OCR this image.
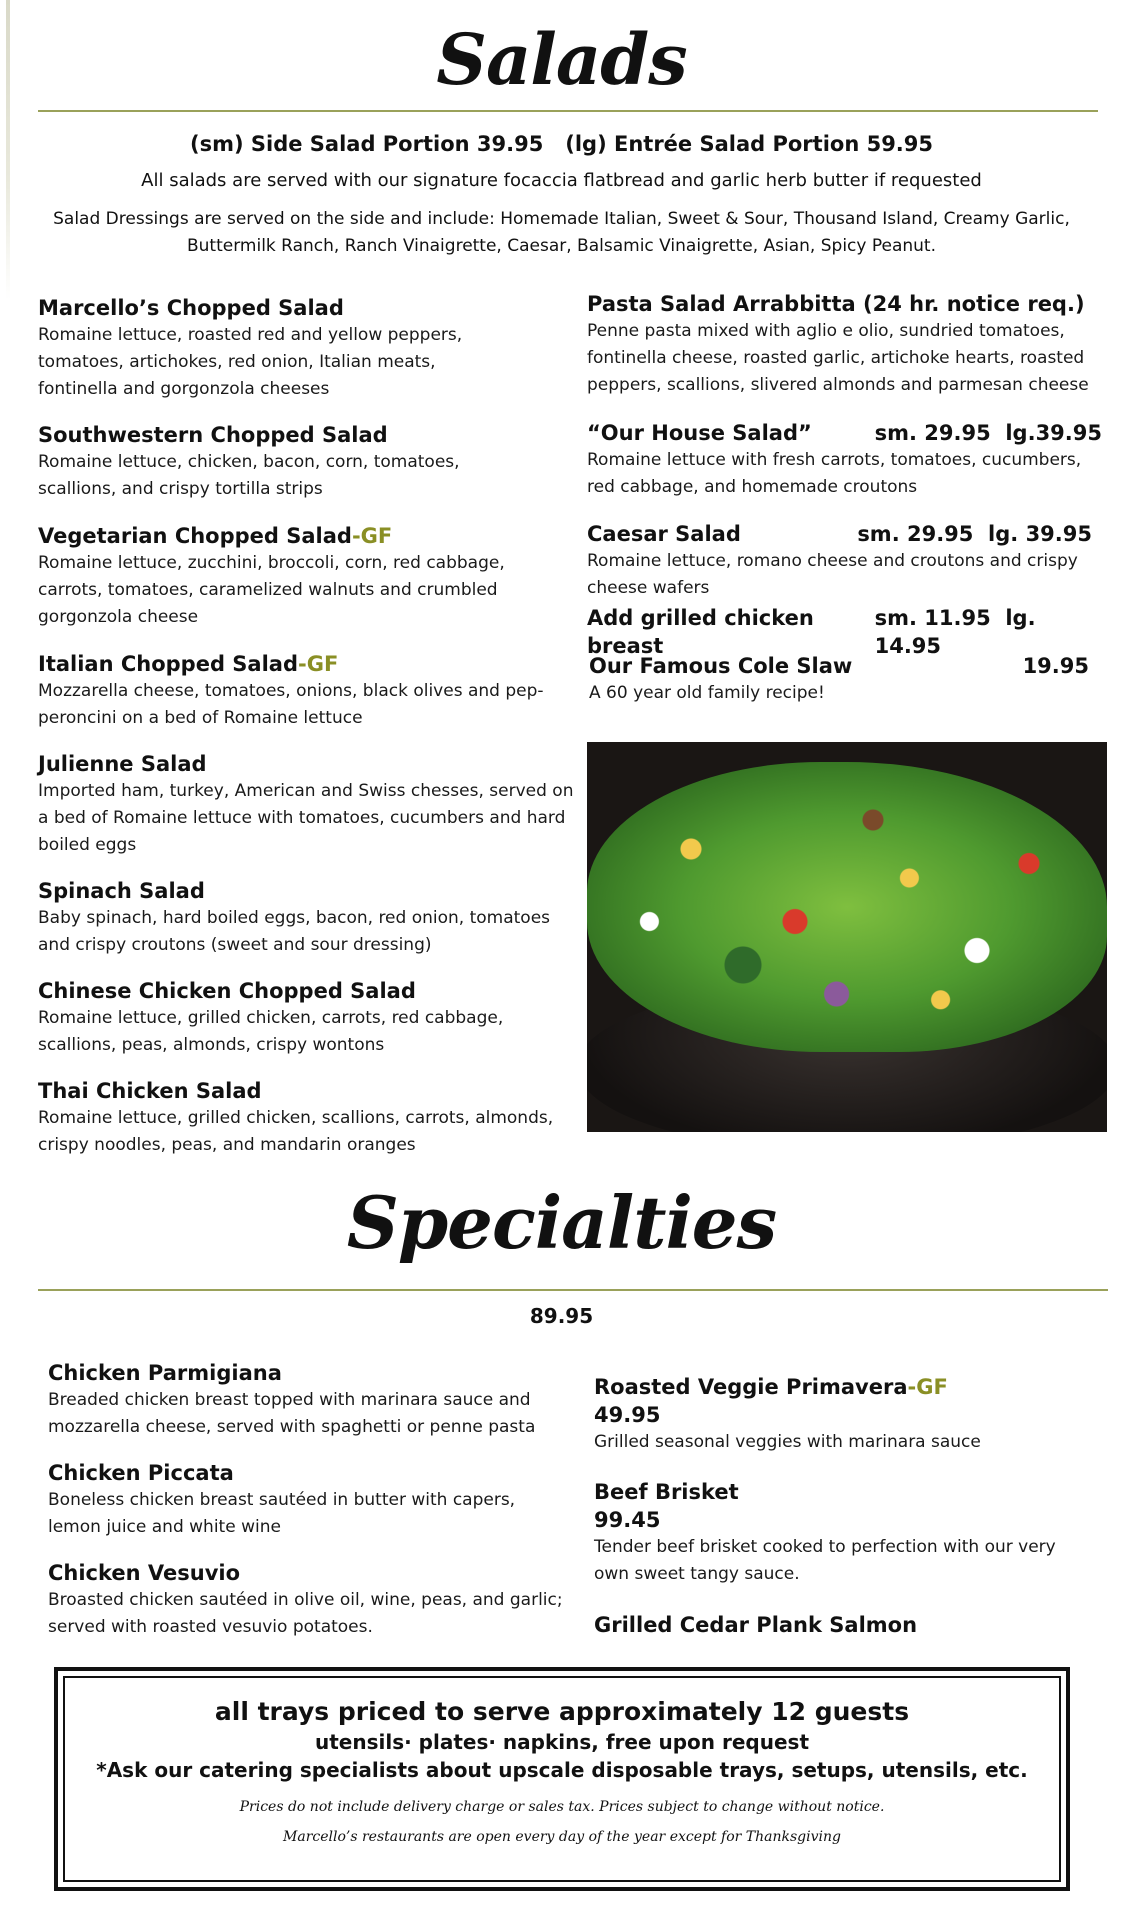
Salads
(sm) Side Salad Portion 39.95   (lg) Entrée Salad Portion 59.95
All salads are served with our signature focaccia flatbread and garlic herb butter if requested
Salad Dressings are served on the side and include: Homemade Italian, Sweet & Sour, Thousand Island, Creamy Garlic, Buttermilk Ranch, Ranch Vinaigrette, Caesar, Balsamic Vinaigrette, Asian, Spicy Peanut.
Marcello’s Chopped Salad
Romaine lettuce, roasted red and yellow peppers, tomatoes, artichokes, red onion, Italian meats, fontinella and gorgonzola cheeses
Southwestern Chopped Salad
Romaine lettuce, chicken, bacon, corn, tomatoes, scallions, and crispy tortilla strips
Vegetarian Chopped Salad-GF
Romaine lettuce, zucchini, broccoli, corn, red cabbage, carrots, tomatoes, caramelized walnuts and crumbled gorgonzola cheese
Italian Chopped Salad-GF
Mozzarella cheese, tomatoes, onions, black olives and pep-peroncini on a bed of Romaine lettuce
Julienne Salad
Imported ham, turkey, American and Swiss chesses, served on a bed of Romaine lettuce with tomatoes, cucumbers and hard boiled eggs
Spinach Salad
Baby spinach, hard boiled eggs, bacon, red onion, tomatoes and crispy croutons (sweet and sour dressing)
Chinese Chicken Chopped Salad
Romaine lettuce, grilled chicken, carrots, red cabbage, scallions, peas, almonds, crispy wontons
Thai Chicken Salad
Romaine lettuce, grilled chicken, scallions, carrots, almonds, crispy noodles, peas, and mandarin oranges
Pasta Salad Arrabbitta (24 hr. notice req.)
Penne pasta mixed with aglio e olio, sundried tomatoes, fontinella cheese, roasted garlic, artichoke hearts, roasted peppers, scallions, slivered almonds and parmesan cheese
“Our House Salad”	sm. 29.95 lg.39.95
Romaine lettuce with fresh carrots, tomatoes, cucumbers, red cabbage, and homemade croutons
Caesar Salad	sm. 29.95 lg. 39.95
Romaine lettuce, romano cheese and croutons and crispy cheese wafers
Add grilled chicken breast
sm. 11.95 lg. 14.95
Our Famous Cole Slaw	19.95
A 60 year old family recipe!
Specialties
89.95
Chicken Parmigiana
Breaded chicken breast topped with marinara sauce and mozzarella cheese, served with spaghetti or penne pasta
Chicken Piccata
Boneless chicken breast sautéed in butter with capers, lemon juice and white wine
Chicken Vesuvio
Broasted chicken sautéed in olive oil, wine, peas, and garlic; served with roasted vesuvio potatoes.
Roasted Veggie Primavera-GF
49.95
Grilled seasonal veggies with marinara sauce
Beef Brisket
99.45
Tender beef brisket cooked to perfection with our very own sweet tangy sauce.
Grilled Cedar Plank Salmon
all trays priced to serve approximately 12 guests
utensils· plates· napkins, free upon request
*Ask our catering specialists about upscale disposable trays, setups, utensils, etc.
Prices do not include delivery charge or sales tax. Prices subject to change without notice.
Marcello’s restaurants are open every day of the year except for Thanksgiving
